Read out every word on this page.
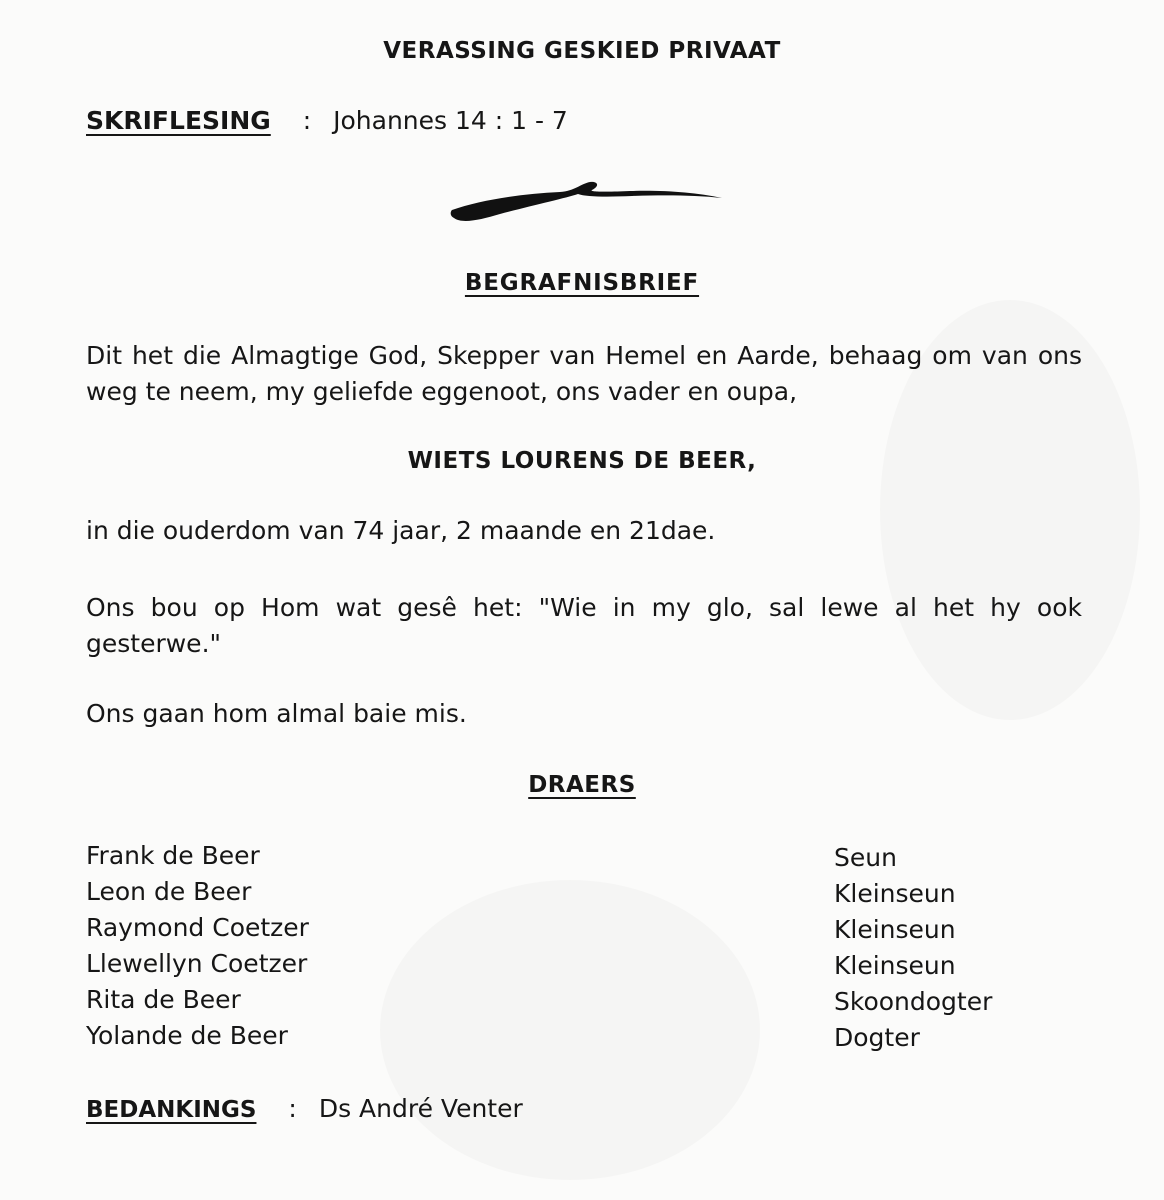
VERASSING GESKIED PRIVAAT
SKRIFLESING : Johannes 14 : 1 - 7
BEGRAFNISBRIEF
Dit het die Almagtige God, Skepper van Hemel en Aarde, behaag om van ons weg te neem, my geliefde eggenoot, ons vader en oupa,
WIETS LOURENS DE BEER,
in die ouderdom van 74 jaar, 2 maande en 21dae.
Ons bou op Hom wat gesê het: "Wie in my glo, sal lewe al het hy ook gesterwe."
Ons gaan hom almal baie mis.
DRAERS
Frank de Beer
Leon de Beer
Raymond Coetzer
Llewellyn Coetzer
Rita de Beer
Yolande de Beer
Seun
Kleinseun
Kleinseun
Kleinseun
Skoondogter
Dogter
BEDANKINGS : Ds André Venter
